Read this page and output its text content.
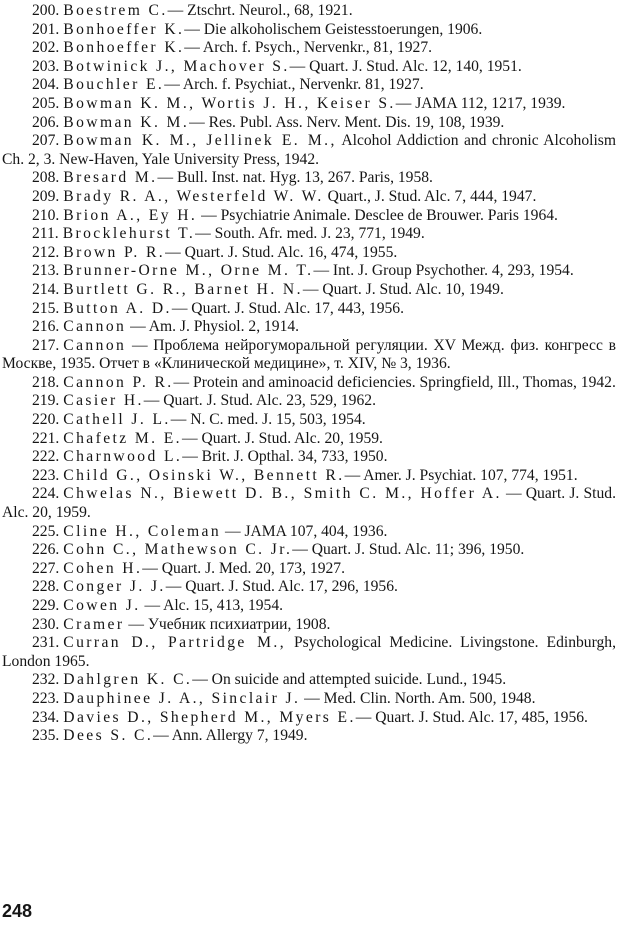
200. Boestrem C.— Ztschrt. Neurol., 68, 1921.
201. Bonhoeffer K.— Die alkoholischem Geistesstoerungen, 1906.
202. Bonhoeffer K.— Arch. f. Psych., Nervenkr., 81, 1927.
203. Botwinick J., Machover S.— Quart. J. Stud. Alc. 12, 140, 1951.
204. Bouchler E.— Arch. f. Psychiat., Nervenkr. 81, 1927.
205. Bowman K. M., Wortis J. H., Keiser S.— JAMA 112, 1217, 1939.
206. Bowman K. M.— Res. Publ. Ass. Nerv. Ment. Dis. 19, 108, 1939.
207. Bowman K. M., Jellinek E. M., Alcohol Addiction and chronic Alcoholism Ch. 2, 3. New-Haven, Yale University Press, 1942.
208. Bresard M.— Bull. Inst. nat. Hyg. 13, 267. Paris, 1958.
209. Brady R. A., Westerfeld W. W. Quart., J. Stud. Alc. 7, 444, 1947.
210. Brion A., Ey H. — Psychiatrie Animale. Desclee de Brouwer. Paris 1964.
211. Brocklehurst T.— South. Afr. med. J. 23, 771, 1949.
212. Brown P. R.— Quart. J. Stud. Alc. 16, 474, 1955.
213. Brunner-Orne M., Orne M. T.— Int. J. Group Psychother. 4, 293, 1954.
214. Burtlett G. R., Barnet H. N.— Quart. J. Stud. Alc. 10, 1949.
215. Button A. D.— Quart. J. Stud. Alc. 17, 443, 1956.
216. Cannon — Am. J. Physiol. 2, 1914.
217. Cannon — Проблема нейрогуморальной регуляции. XV Межд. физ. конгресс в Москве, 1935. Отчет в «Клинической медицине», т. XIV, № 3, 1936.
218. Cannon P. R.— Protein and aminoacid deficiencies. Springfield, Ill., Thomas, 1942.
219. Casier H.— Quart. J. Stud. Alc. 23, 529, 1962.
220. Cathell J. L.— N. C. med. J. 15, 503, 1954.
221. Chafetz M. E.— Quart. J. Stud. Alc. 20, 1959.
222. Charnwood L.— Brit. J. Opthal. 34, 733, 1950.
223. Child G., Osinski W., Bennett R.— Amer. J. Psychiat. 107, 774, 1951.
224. Chwelas N., Biewett D. B., Smith C. M., Hoffer A. — Quart. J. Stud. Alc. 20, 1959.
225. Cline H., Coleman — JAMA 107, 404, 1936.
226. Cohn C., Mathewson C. Jr.— Quart. J. Stud. Alc. 11; 396, 1950.
227. Cohen H.— Quart. J. Med. 20, 173, 1927.
228. Conger J. J.— Quart. J. Stud. Alc. 17, 296, 1956.
229. Cowen J. — Alc. 15, 413, 1954.
230. Cramer — Учебник психиатрии, 1908.
231. Curran D., Partridge M., Psychological Medicine. Livingstone. Edinburgh, London 1965.
232. Dahlgren K. C.— On suicide and attempted suicide. Lund., 1945.
223. Dauphinee J. A., Sinclair J. — Med. Clin. North. Am. 500, 1948.
234. Davies D., Shepherd M., Myers E.— Quart. J. Stud. Alc. 17, 485, 1956.
235. Dees S. C.— Ann. Allergy 7, 1949.
248
